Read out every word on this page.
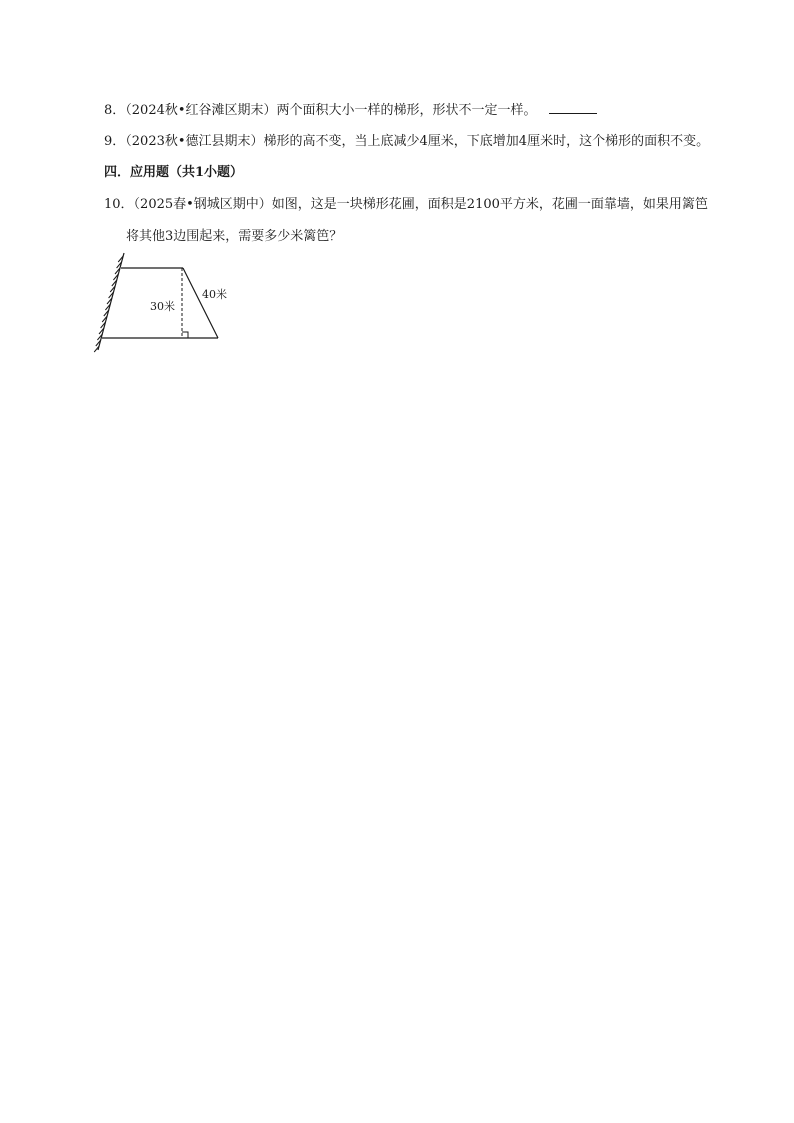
8．（2024秋•红谷滩区期末）两个面积大小一样的梯形，形状不一定一样。
9．（2023秋•德江县期末）梯形的高不变，当上底减少4厘米，下底增加4厘米时，这个梯形的面积不变。
四．应用题（共1小题）
10．（2025春•钢城区期中）如图，这是一块梯形花圃，面积是2100平方米，花圃一面靠墙，如果用篱笆
将其他3边围起来，需要多少米篱笆？
30米
40米
